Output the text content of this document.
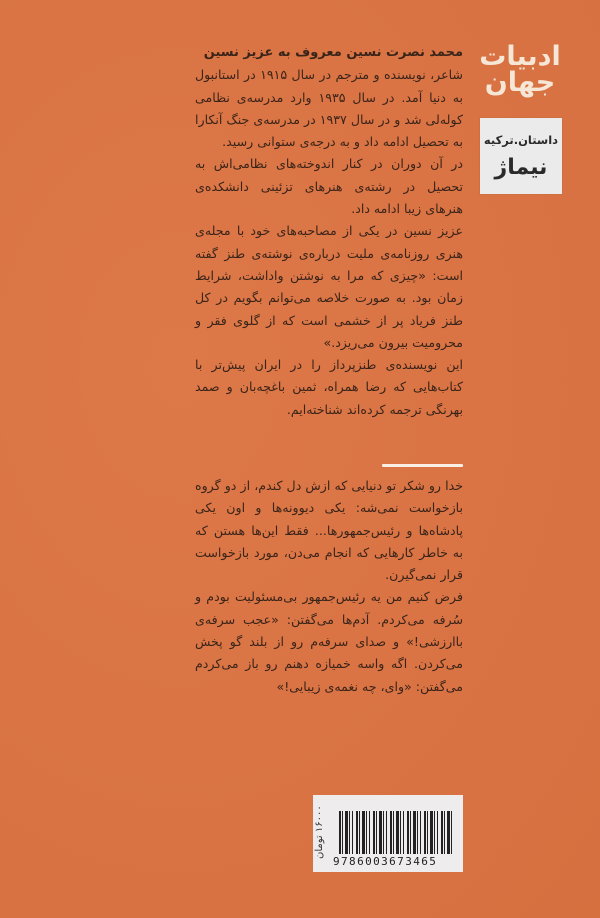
ادبیات
جهان
داستان.ترکیه
نیماژ
محمد نصرت نسین معروف به عزیز نسین

شاعر، نویسنده و مترجم در سال ۱۹۱۵ در استانبول به دنیا آمد. در سال ۱۹۳۵ وارد مدرسه‌ی نظامی کوله‌لی شد و در سال ۱۹۳۷ در مدرسه‌ی جنگ آنکارا به تحصیل ادامه داد و به درجه‌ی ستوانی رسید.

در آن دوران در کنار اندوخته‌های نظامی‌اش به تحصیل در رشته‌ی هنرهای تزئینی دانشکده‌ی هنرهای زیبا ادامه داد.

عزیز نسین در یکی از مصاحبه‌های خود با مجله‌ی هنری روزنامه‌ی ملیت درباره‌ی نوشته‌ی طنز گفته است: «چیزی که مرا به نوشتن واداشت، شرایط زمان بود. به صورت خلاصه می‌توانم بگویم در کل طنز فریاد پر از خشمی است که از گلوی فقر و محرومیت بیرون می‌ریزد.»

این نویسنده‌ی طنزپرداز را در ایران پیش‌تر با کتاب‌هایی که رضا همراه، ثمین باغچه‌بان و صمد بهرنگی ترجمه کرده‌اند شناخته‌ایم.

خدا رو شکر تو دنیایی که ازش دل کندم، از دو گروه بازخواست نمی‌شه: یکی دیوونه‌ها و اون یکی پادشاه‌ها و رئیس‌جمهورها... فقط این‌ها هستن که به خاطر کارهایی که انجام می‌دن، مورد بازخواست قرار نمی‌گیرن.

فرض کنیم من یه رئیس‌جمهور بی‌مسئولیت بودم و سُرفه می‌کردم. آدم‌ها می‌گفتن: «عجب سرفه‌ی باارزشی!» و صدای سرفه‌م رو از بلند گو پخش می‌کردن. اگه واسه خمیازه دهنم رو باز می‌کردم می‌گفتن: «وای، چه نغمه‌ی زیبایی!»

۱۶۰۰۰ تومان
9786003673465
